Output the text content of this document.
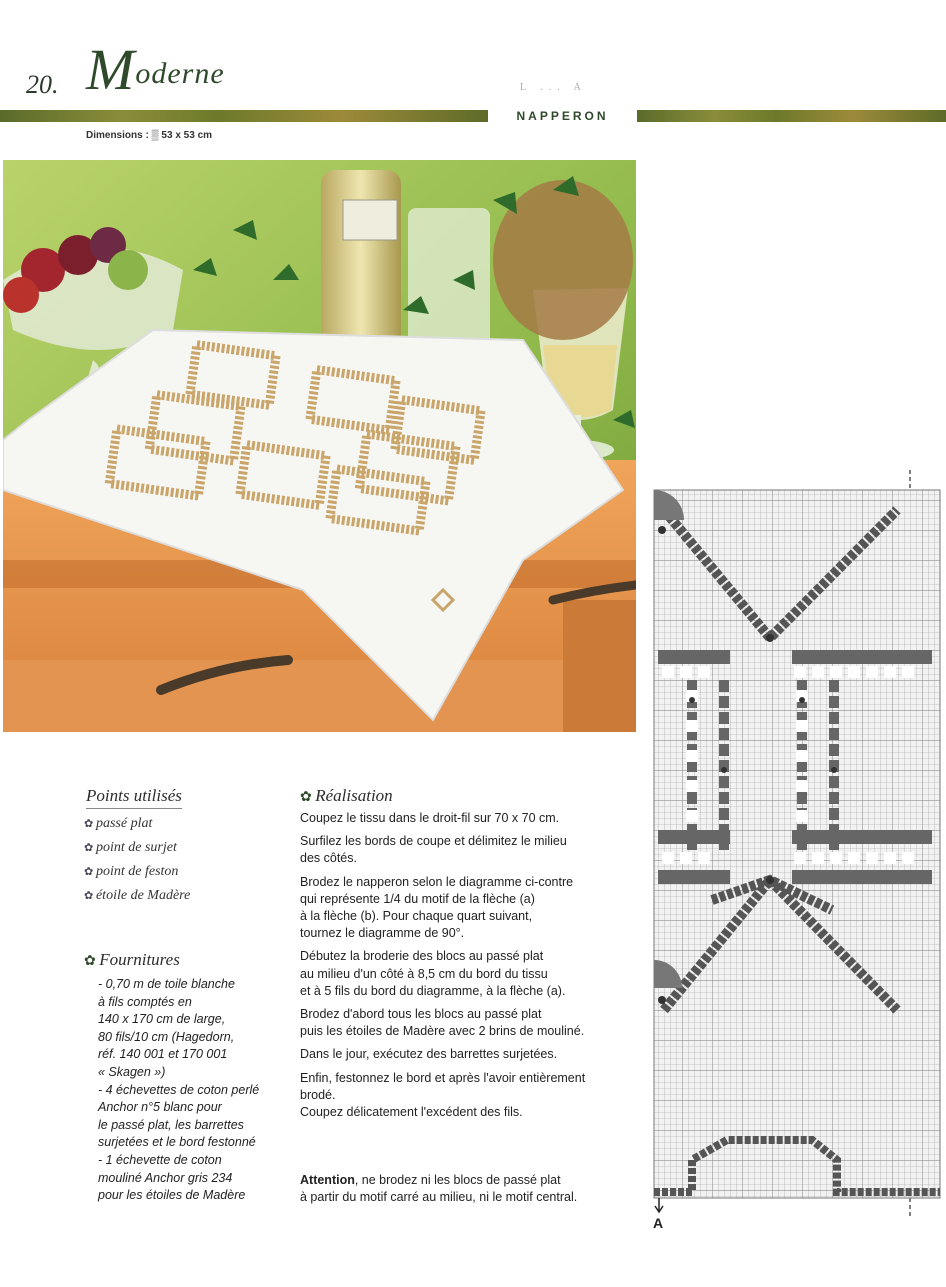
20. Moderne	L ... A
NAPPERON
Dimensions : ▒ 53 x 53 cm
Points utilisés
✿ passé plat
✿ point de surjet
✿ point de feston
✿ étoile de Madère
✿ Fournitures
- 0,70 m de toile blanche
à fils comptés en
140 x 170 cm de large,
80 fils/10 cm (Hagedorn,
réf. 140 001 et 170 001
« Skagen »)
- 4 échevettes de coton perlé
Anchor n°5 blanc pour
le passé plat, les barrettes
surjetées et le bord festonné
- 1 échevette de coton
mouliné Anchor gris 234
pour les étoiles de Madère
✿ Réalisation

Coupez le tissu dans le droit-fil sur 70 x 70 cm.

Surfilez les bords de coupe et délimitez le milieu
des côtés.

Brodez le napperon selon le diagramme ci-contre
qui représente 1/4 du motif de la flèche (a)
à la flèche (b). Pour chaque quart suivant,
tournez le diagramme de 90°.

Débutez la broderie des blocs au passé plat
au milieu d'un côté à 8,5 cm du bord du tissu
et à 5 fils du bord du diagramme, à la flèche (a).

Brodez d'abord tous les blocs au passé plat
puis les étoiles de Madère avec 2 brins de mouliné.

Dans le jour, exécutez des barrettes surjetées.

Enfin, festonnez le bord et après l'avoir entièrement
brodé.

Coupez délicatement l'excédent des fils.

Attention, ne brodez ni les blocs de passé plat
à partir du motif carré au milieu, ni le motif central.
A
